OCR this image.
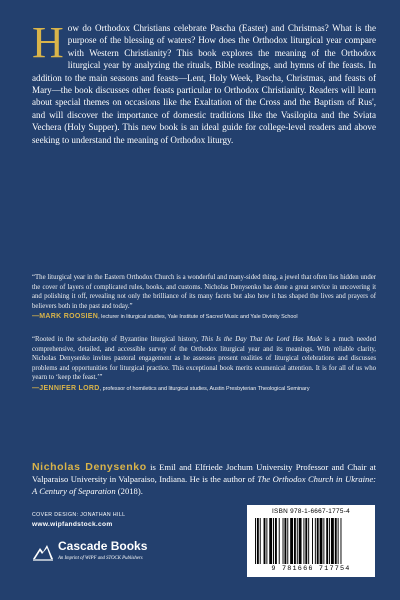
How do Orthodox Christians celebrate Pascha (Easter) and Christmas? What is the purpose of the blessing of waters? How does the Orthodox liturgical year compare with Western Christianity? This book explores the meaning of the Orthodox liturgical year by analyzing the rituals, Bible readings, and hymns of the feasts. In addition to the main seasons and feasts—Lent, Holy Week, Pascha, Christmas, and feasts of Mary—the book discusses other feasts particular to Orthodox Christianity. Readers will learn about special themes on occasions like the Exaltation of the Cross and the Baptism of Rus', and will discover the importance of domestic traditions like the Vasilopita and the Sviata Vechera (Holy Supper). This new book is an ideal guide for college-level readers and above seeking to understand the meaning of Orthodox liturgy.
“The liturgical year in the Eastern Orthodox Church is a wonderful and many-sided thing, a jewel that often lies hidden under the cover of layers of complicated rules, books, and customs. Nicholas Denysenko has done a great service in uncovering it and polishing it off, revealing not only the brilliance of its many facets but also how it has shaped the lives and prayers of believers both in the past and today.”
—MARK ROOSIEN, lecturer in liturgical studies, Yale Institute of Sacred Music and Yale Divinity School
“Rooted in the scholarship of Byzantine liturgical history, This Is the Day That the Lord Has Made is a much needed comprehensive, detailed, and accessible survey of the Orthodox liturgical year and its meanings. With reliable clarity, Nicholas Denysenko invites pastoral engagement as he assesses present realities of liturgical celebrations and discusses problems and opportunities for liturgical practice. This exceptional book merits ecumenical attention. It is for all of us who yearn to ‘keep the feast.’”
—JENNIFER LORD, professor of homiletics and liturgical studies, Austin Presbyterian Theological Seminary
Nicholas Denysenko is Emil and Elfriede Jochum University Professor and Chair at Valparaiso University in Valparaiso, Indiana. He is the author of The Orthodox Church in Ukraine: A Century of Separation (2018).
COVER DESIGN: JONATHAN HILL
www.wipfandstock.com
Cascade Books
An Imprint of WIPF and STOCK Publishers
ISBN 978-1-6667-1775-4
9 781666 717754
